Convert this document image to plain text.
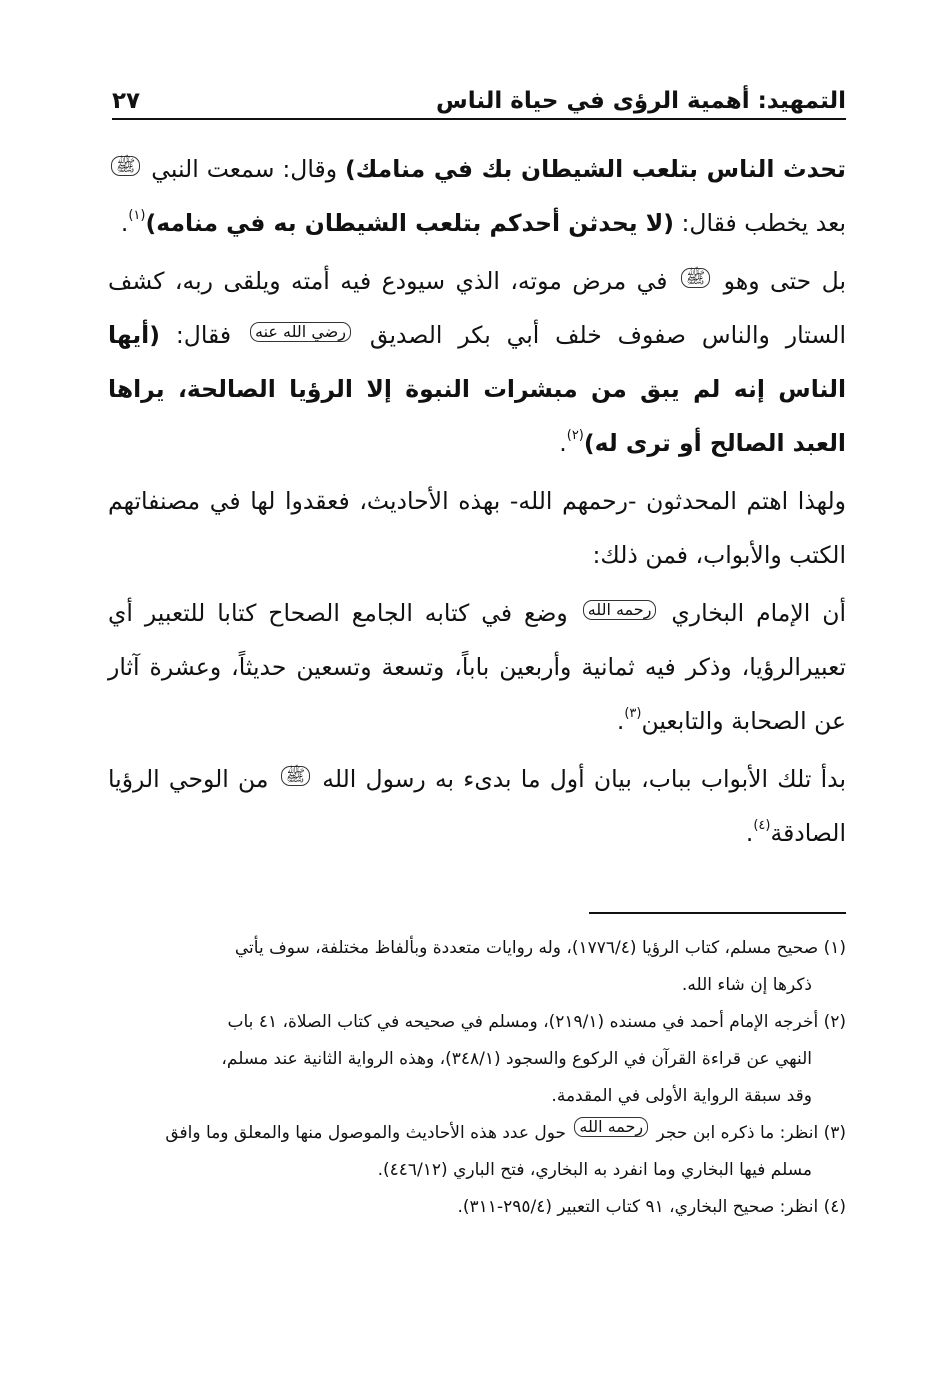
التمهيد: أهمية الرؤى في حياة الناس
٢٧

تحدث الناس بتلعب الشيطان بك في منامك) وقال: سمعت النبي ﷺ بعد يخطب فقال: (لا يحدثن أحدكم بتلعب الشيطان به في منامه)$^{(١)}$.

بل حتى وهو ﷺ في مرض موته، الذي سيودع فيه أمته ويلقى ربه، كشف الستار والناس صفوف خلف أبي بكر الصديق رضي الله عنه فقال: (أيها الناس إنه لم يبق من مبشرات النبوة إلا الرؤيا الصالحة، يراها العبد الصالح أو ترى له)$^{(٢)}$.

ولهذا اهتم المحدثون -رحمهم الله- بهذه الأحاديث، فعقدوا لها في مصنفاتهم الكتب والأبواب، فمن ذلك:

أن الإمام البخاري رحمه الله وضع في كتابه الجامع الصحاح كتابا للتعبير أي تعبيرالرؤيا، وذكر فيه ثمانية وأربعين باباً، وتسعة وتسعين حديثاً، وعشرة آثار عن الصحابة والتابعين$^{(٣)}$.

بدأ تلك الأبواب بباب، بيان أول ما بدىء به رسول الله ﷺ من الوحي الرؤيا الصادقة$^{(٤)}$.

(١) صحيح مسلم، كتاب الرؤيا (١٧٧٦/٤)، وله روايات متعددة وبألفاظ مختلفة، سوف يأتي

ذكرها إن شاء الله.

(٢) أخرجه الإمام أحمد في مسنده (٢١٩/١)، ومسلم في صحيحه في كتاب الصلاة، ٤١ باب

النهي عن قراءة القرآن في الركوع والسجود (٣٤٨/١)، وهذه الرواية الثانية عند مسلم،

وقد سبقة الرواية الأولى في المقدمة.

(٣) انظر: ما ذكره ابن حجر رحمه الله حول عدد هذه الأحاديث والموصول منها والمعلق وما وافق

مسلم فيها البخاري وما انفرد به البخاري، فتح الباري (٤٤٦/١٢).

(٤) انظر: صحيح البخاري، ٩١ كتاب التعبير (٢٩٥/٤-٣١١).
